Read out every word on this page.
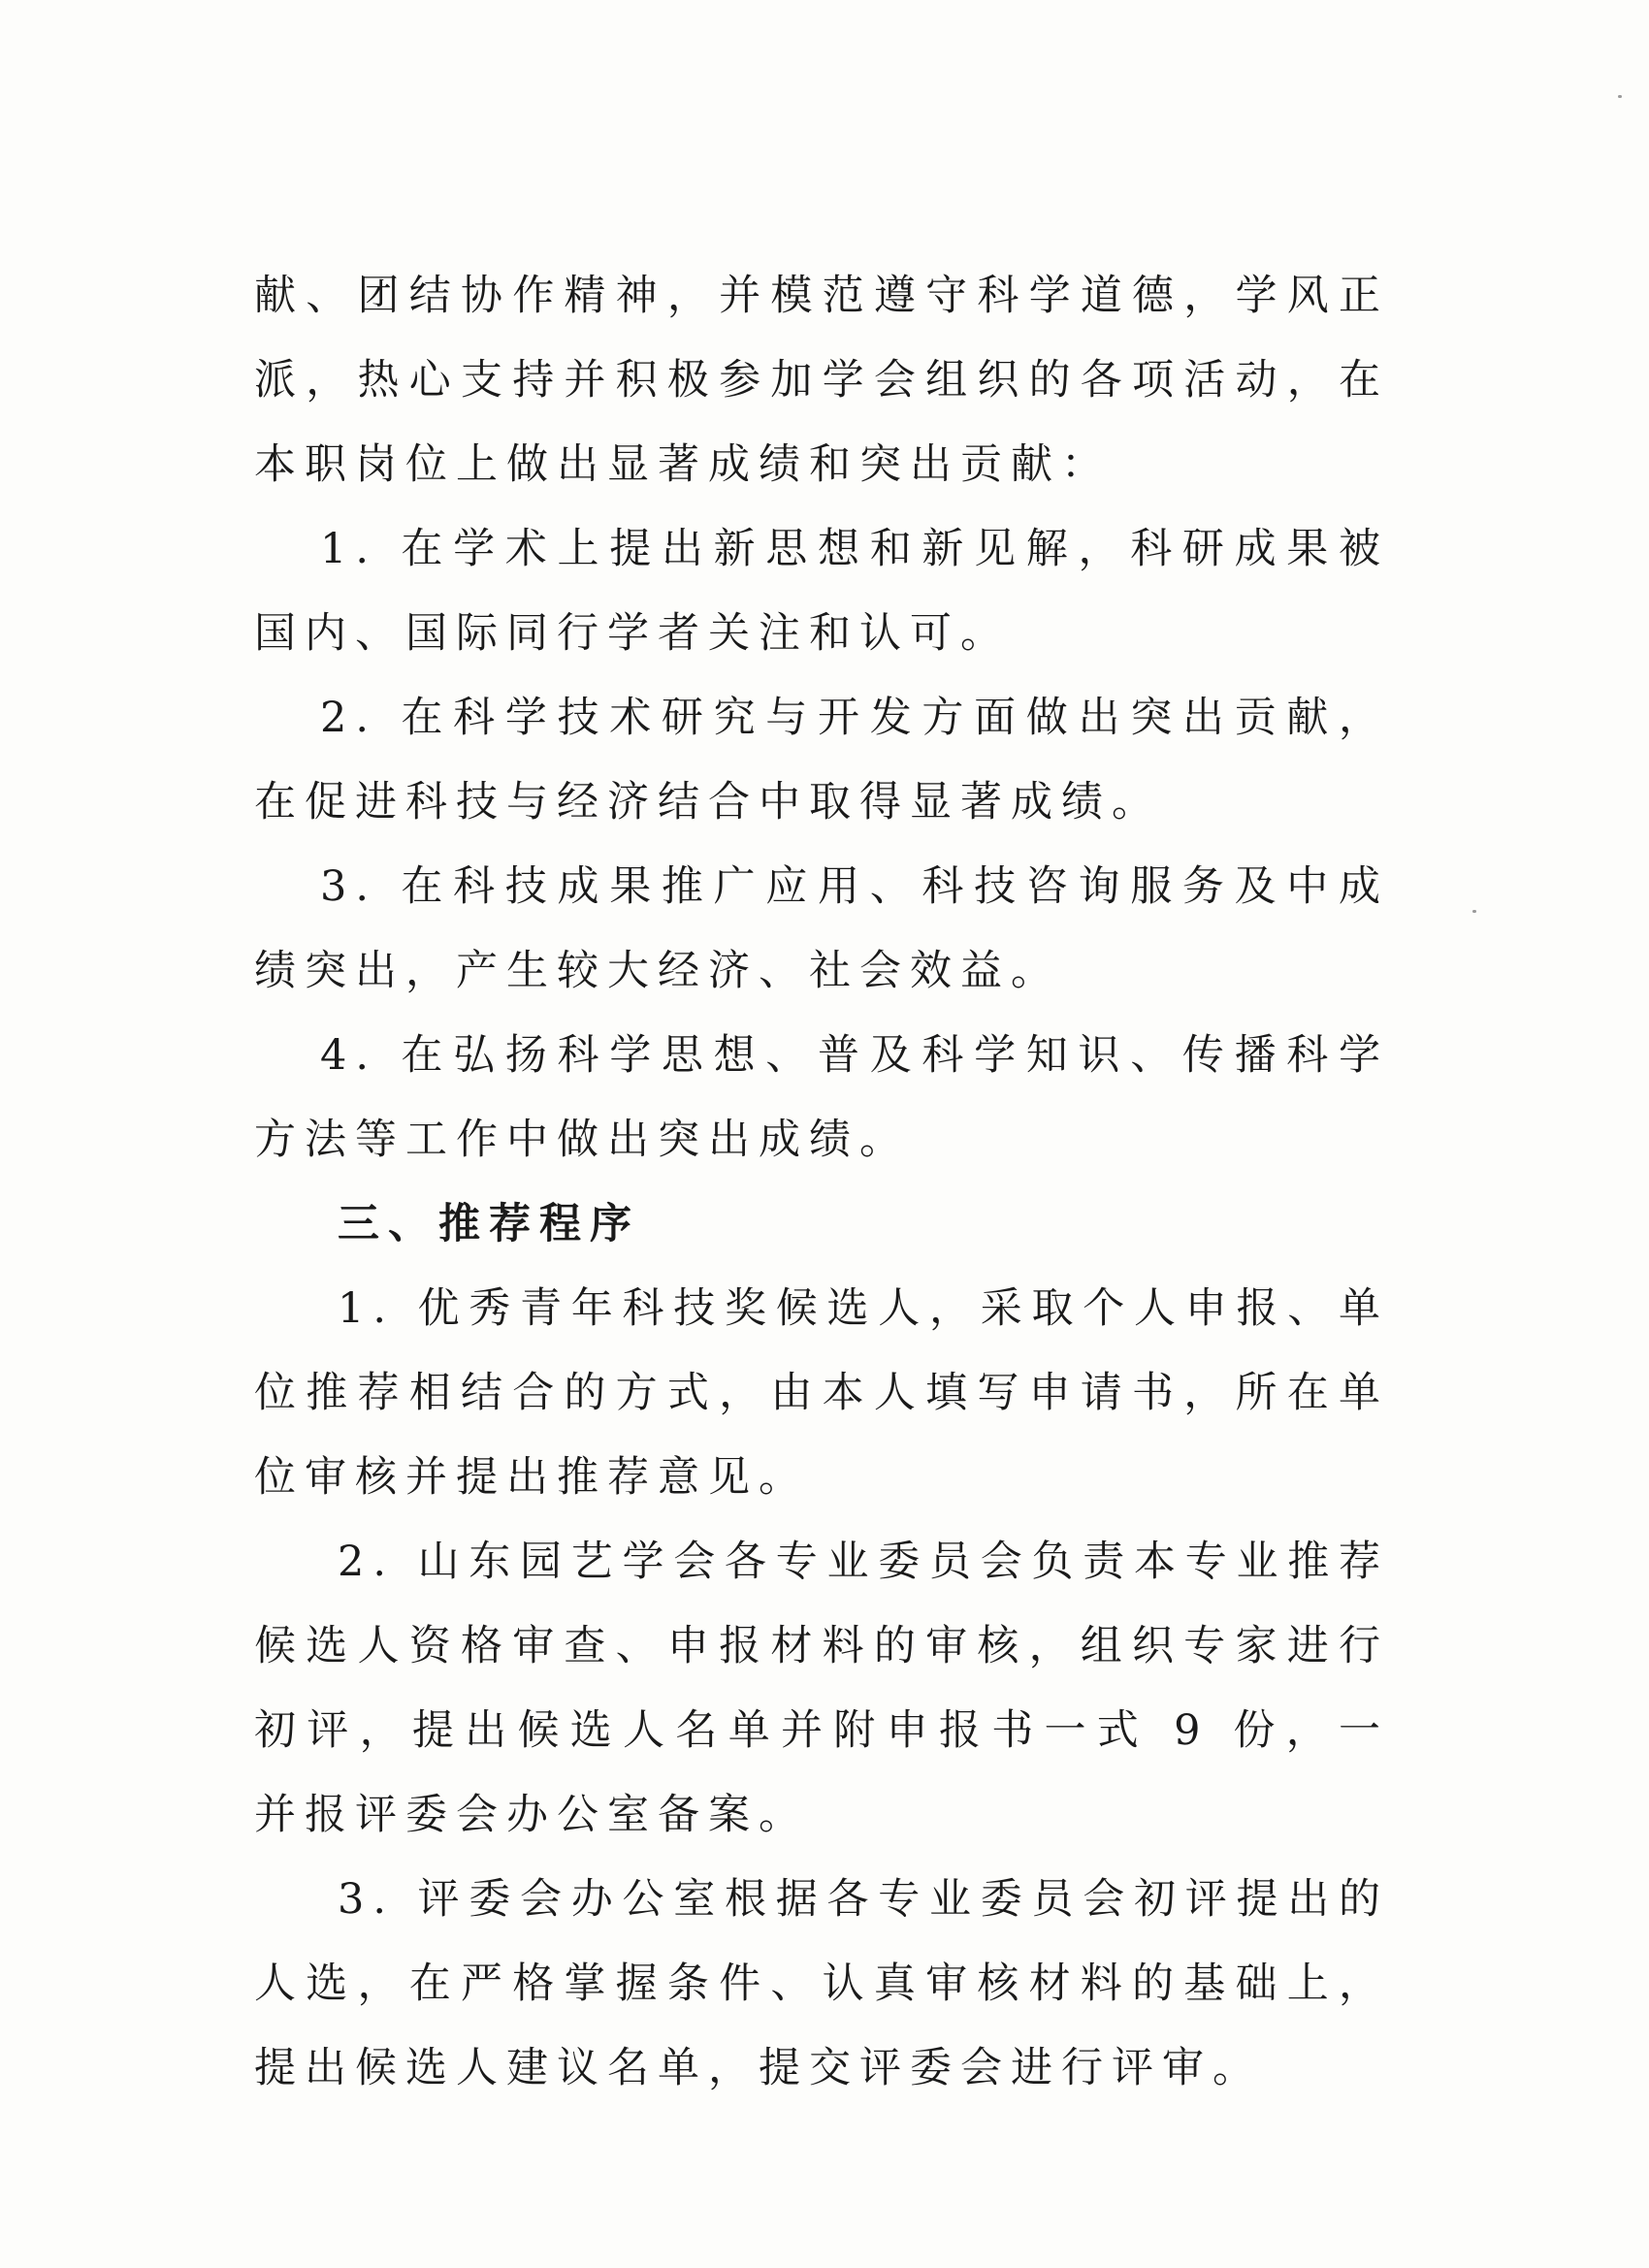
献、团结协作精神，并模范遵守科学道德，学风正派，热心支持并积极参加学会组织的各项活动，在本职岗位上做出显著成绩和突出贡献：

1. 在学术上提出新思想和新见解，科研成果被国内、国际同行学者关注和认可。

2. 在科学技术研究与开发方面做出突出贡献，在促进科技与经济结合中取得显著成绩。

3. 在科技成果推广应用、科技咨询服务及中成绩突出，产生较大经济、社会效益。

4. 在弘扬科学思想、普及科学知识、传播科学方法等工作中做出突出成绩。

三、推荐程序

1. 优秀青年科技奖候选人，采取个人申报、单位推荐相结合的方式，由本人填写申请书，所在单位审核并提出推荐意见。

2. 山东园艺学会各专业委员会负责本专业推荐候选人资格审查、申报材料的审核，组织专家进行初评，提出候选人名单并附申报书一式 9 份，一并报评委会办公室备案。

3. 评委会办公室根据各专业委员会初评提出的人选，在严格掌握条件、认真审核材料的基础上，提出候选人建议名单，提交评委会进行评审。
